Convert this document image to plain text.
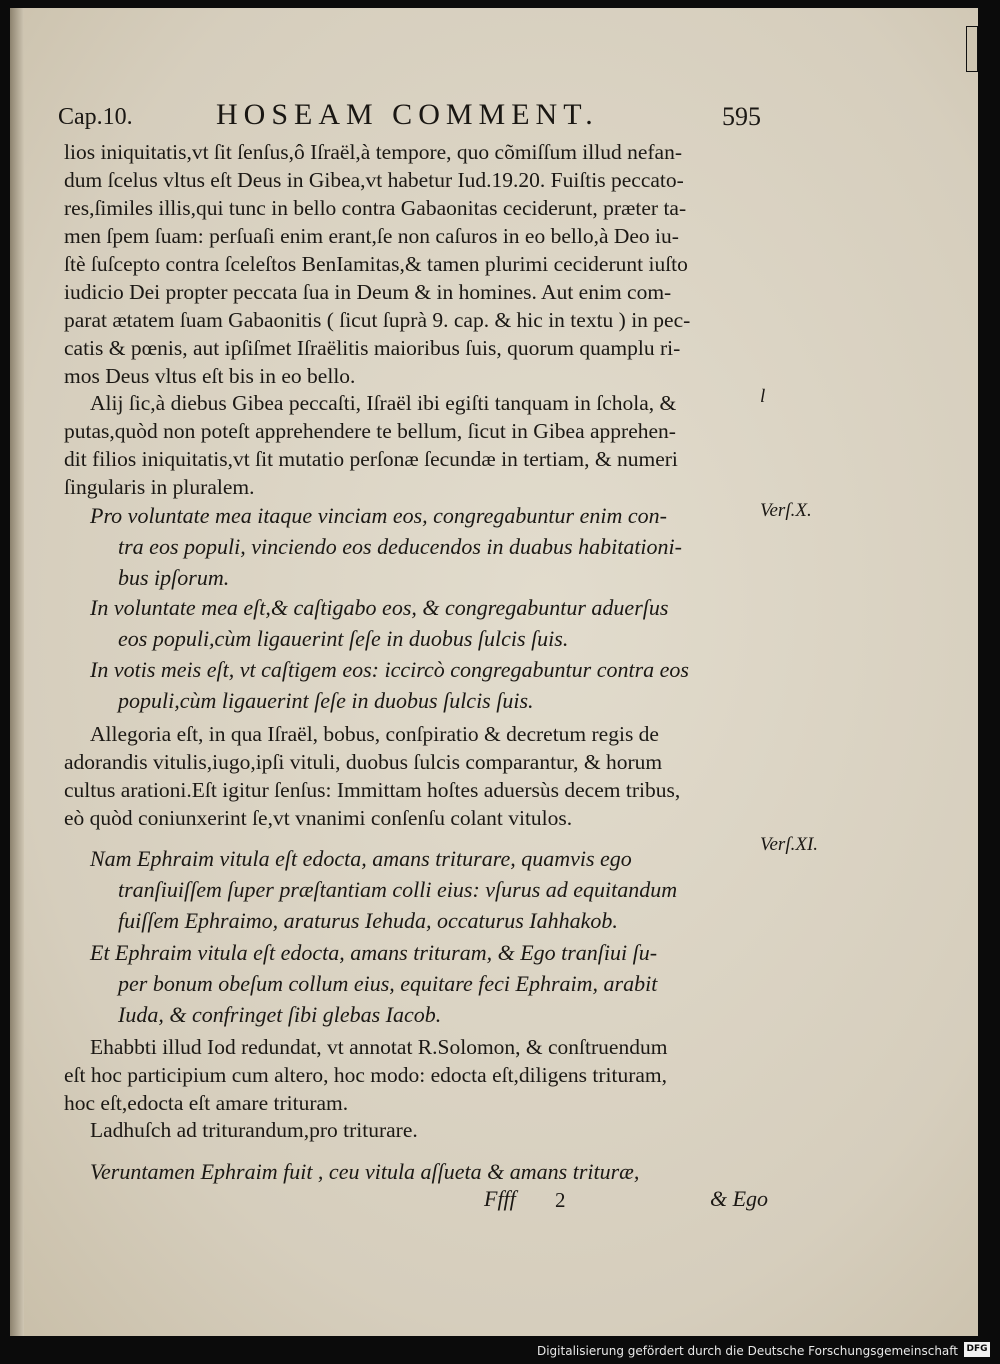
Cap.10.	HOSEAM COMMENT.	595
lios iniquitatis,vt ſit ſenſus,ô Iſraël,à tempore, quo cõmiſſum illud nefan-
dum ſcelus vltus eſt Deus in Gibea,vt habetur Iud.19.20. Fuiſtis peccato-
res,ſimiles illis,qui tunc in bello contra Gabaonitas ceciderunt, præter ta-
men ſpem ſuam: perſuaſi enim erant,ſe non caſuros in eo bello,à Deo iu-
ſtè ſuſcepto contra ſceleſtos BenIamitas,& tamen plurimi ceciderunt iuſto
iudicio Dei propter peccata ſua in Deum & in homines. Aut enim com-
parat ætatem ſuam Gabaonitis ( ſicut ſuprà 9. cap. & hic in textu ) in pec-
catis & pœnis, aut ipſiſmet Iſraëlitis maioribus ſuis, quorum quamplu ri-
mos Deus vltus eſt bis in eo bello.
Alij ſic,à diebus Gibea peccaſti, Iſraël ibi egiſti tanquam in ſchola, &
putas,quòd non poteſt apprehendere te bellum, ſicut in Gibea apprehen-
dit filios iniquitatis,vt ſit mutatio perſonæ ſecundæ in tertiam, & numeri
ſingularis in pluralem.
Pro voluntate mea itaque vinciam eos, congregabuntur enim con-
tra eos populi, vinciendo eos deducendos in duabus habitationi-
bus ipſorum.
In voluntate mea eſt,& caſtigabo eos, & congregabuntur aduerſus
eos populi,cùm ligauerint ſeſe in duobus ſulcis ſuis.
In votis meis eſt, vt caſtigem eos: iccircò congregabuntur contra eos
populi,cùm ligauerint ſeſe in duobus ſulcis ſuis.
Allegoria eſt, in qua Iſraël, bobus, conſpiratio & decretum regis de
adorandis vitulis,iugo,ipſi vituli, duobus ſulcis comparantur, & horum
cultus arationi.Eſt igitur ſenſus: Immittam hoſtes aduersùs decem tribus,
eò quòd coniunxerint ſe,vt vnanimi conſenſu colant vitulos.
Nam Ephraim vitula eſt edocta, amans triturare, quamvis ego
tranſiuiſſem ſuper præſtantiam colli eius: vſurus ad equitandum
fuiſſem Ephraimo, araturus Iehuda, occaturus Iahhakob.
Et Ephraim vitula eſt edocta, amans trituram, & Ego tranſiui ſu-
per bonum obeſum collum eius, equitare feci Ephraim, arabit
Iuda, & confringet ſibi glebas Iacob.
Ehabbti illud Iod redundat, vt annotat R.Solomon, & conſtruendum
eſt hoc participium cum altero, hoc modo: edocta eſt,diligens trituram,
hoc eſt,edocta eſt amare trituram.
Ladhuſch ad triturandum,pro triturare.
Veruntamen Ephraim fuit , ceu vitula aſſueta & amans trituræ,
l
Verſ.X.
Verſ.XI.
Ffff 2	& Ego
Digitalisierung gefördert durch die Deutsche Forschungsgemeinschaft DFG
